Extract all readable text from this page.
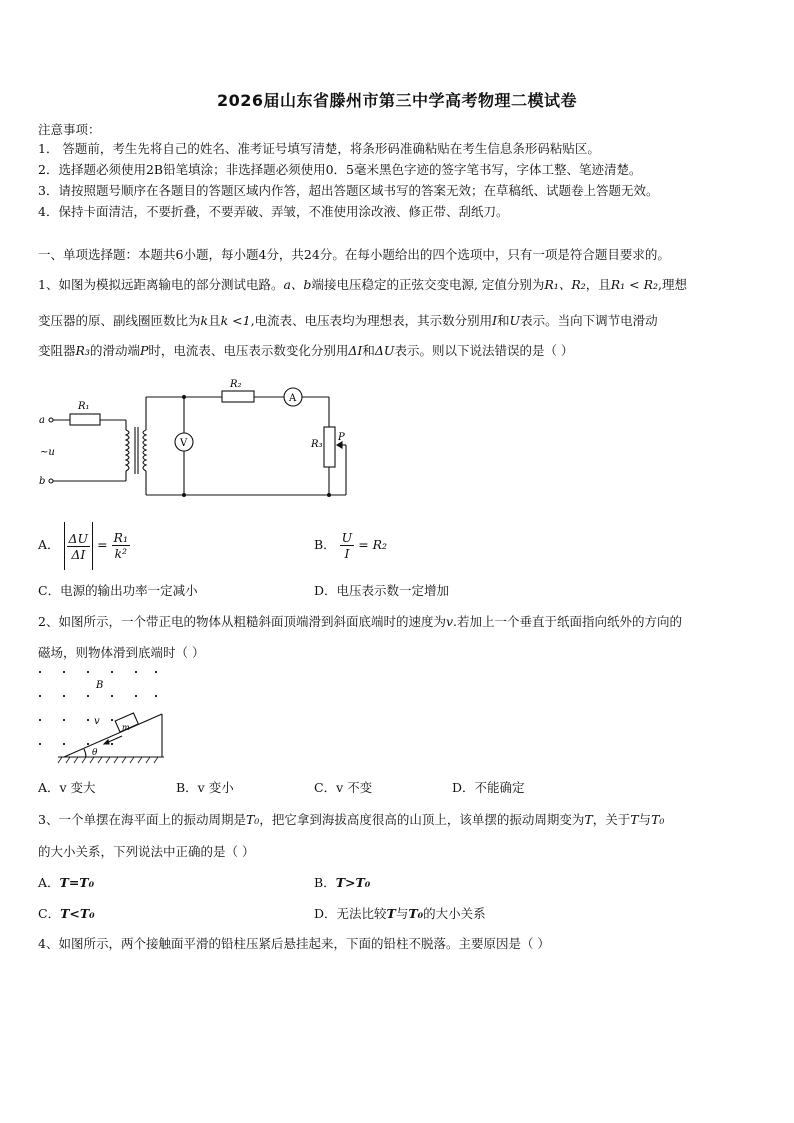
2026届山东省滕州市第三中学高考物理二模试卷
注意事项：
1． 答题前，考生先将自己的姓名、准考证号填写清楚，将条形码准确粘贴在考生信息条形码粘贴区。
2．选择题必须使用2B铅笔填涂；非选择题必须使用0．5毫米黑色字迹的签字笔书写，字体工整、笔迹清楚。
3．请按照题号顺序在各题目的答题区域内作答，超出答题区域书写的答案无效；在草稿纸、试题卷上答题无效。
4．保持卡面清洁，不要折叠，不要弄破、弄皱，不准使用涂改液、修正带、刮纸刀。
一、单项选择题：本题共6小题，每小题4分，共24分。在每小题给出的四个选项中，只有一项是符合题目要求的。
1、如图为模拟远距离输电的部分测试电路。a、b端接电压稳定的正弦交变电源, 定值分别为R₁、R₂，且R₁ < R₂,理想
变压器的原、副线圈匝数比为k且k <1,电流表、电压表均为理想表，其示数分别用I和U表示。当向下调节电滑动
变阻器R₃的滑动端P时，电流表、电压表示数变化分别用ΔI和ΔU表示。则以下说法错误的是（ ）
a
b
~u
R₁
R₂
R₃
P
A
V
A． $\frac{\Delta U}{\Delta I} = \frac{\text{R₁}}{\text{k²}}$	B． $\frac{U}{I} = R_2$
C．电源的输出功率一定减小	D．电压表示数一定增加
2、如图所示，一个带正电的物体从粗糙斜面顶端滑到斜面底端时的速度为v.若加上一个垂直于纸面指向纸外的方向的
磁场，则物体滑到底端时（ ）
B
v
m
θ
A．v 变大	B．v 变小	C．v 不变	D．不能确定
3、一个单摆在海平面上的振动周期是T₀，把它拿到海拔高度很高的山顶上，该单摆的振动周期变为T，关于T与T₀
的大小关系，下列说法中正确的是（ ）
A．T=T₀	B．T>T₀
C．T<T₀	D．无法比较T与T₀的大小关系
4、如图所示，两个接触面平滑的铅柱压紧后悬挂起来，下面的铅柱不脱落。主要原因是（ ）
